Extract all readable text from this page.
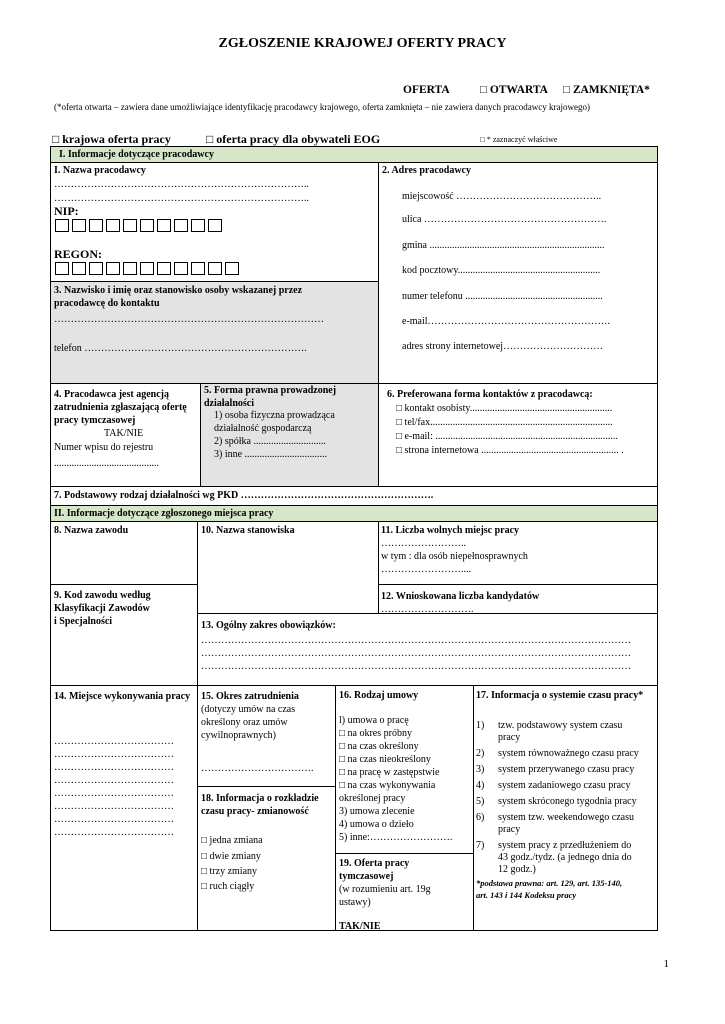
ZGŁOSZENIE KRAJOWEJ OFERTY PRACY
OFERTA	□ OTWARTA □ ZAMKNIĘTA*
(*oferta otwarta – zawiera dane umożliwiające identyfikację pracodawcy krajowego, oferta zamknięta – nie zawiera danych pracodawcy krajowego)
□ krajowa oferta pracy	□ oferta pracy dla obywateli EOG	□ * zaznaczyć właściwe
I. Informacje dotyczące pracodawcy
I. Nazwa pracodawcy
…………………………………………………………………..
…………………………………………………………………..
NIP:
REGON:
3. Nazwisko i imię oraz stanowisko osoby wskazanej przez pracodawcę do kontaktu
………………………………………………………………………
telefon ………………………………………………………….
2. Adres pracodawcy
miejscowość ……………………………………..
ulica ……………………………………………….
gmina ......................................................................
kod pocztowy.........................................................
numer telefonu .......................................................
e-mail……………………………………………….
adres strony internetowej…………………………
4. Pracodawca jest agencją zatrudnienia zgłaszającą ofertę pracy tymczasowej
TAK/NIE
Numer wpisu do rejestru
..........................................
5. Forma prawna prowadzonej działalności
1) osoba fizyczna prowadząca
działalność gospodarczą
2) spółka .............................
3) inne .................................
6. Preferowana forma kontaktów z pracodawcą:
□ kontakt osobisty.........................................................
□ tel/fax.........................................................................
□ e-mail: .........................................................................
□ strona internetowa ....................................................... .
7. Podstawowy rodzaj działalności wg PKD ………………………………………………….
II. Informacje dotyczące zgłoszonego miejsca pracy
8. Nazwa zawodu
9. Kod zawodu według
Klasyfikacji Zawodów
i Specjalności
10. Nazwa stanowiska	11. Liczba wolnych miejsc pracy
……………………..
w tym : dla osób niepełnosprawnych
……………………....
12. Wnioskowana liczba kandydatów
……………………….
13. Ogólny zakres obowiązków:
…………………………………………………………………………………………………………………
…………………………………………………………………………………………………………………
…………………………………………………………………………………………………………………
14. Miejsce wykonywania pracy
………………………………
………………………………
………………………………
………………………………
………………………………
………………………………
………………………………
………………………………
15. Okres zatrudnienia
(dotyczy umów na czas
określony oraz umów
cywilnoprawnych)
…………………………….
18. Informacja o rozkładzie
czasu pracy- zmianowość
□ jedna zmiana
□ dwie zmiany
□ trzy zmiany
□ ruch ciągły
16. Rodzaj umowy
l) umowa o pracę
□ na okres próbny
□ na czas określony
□ na czas nieokreślony
□ na pracę w zastępstwie
□ na czas wykonywania
określonej pracy
3) umowa zlecenie
4) umowa o dzieło
5) inne:…………………….
19. Oferta pracy
tymczasowej
(w rozumieniu art. 19g
ustawy)
TAK/NIE
17. Informacja o systemie czasu pracy*
1) tzw. podstawowy system czasu
pracy
2) system równoważnego czasu pracy
3) system przerywanego czasu pracy
4) system zadaniowego czasu pracy
5) system skróconego tygodnia pracy
6) system tzw. weekendowego czasu
pracy
7) system pracy z przedłużeniem do
43 godz./tydz. (a jednego dnia do
12 godz.)
*podstawa prawna: art. 129, art. 135-140,
art. 143 i 144 Kodeksu pracy
1
